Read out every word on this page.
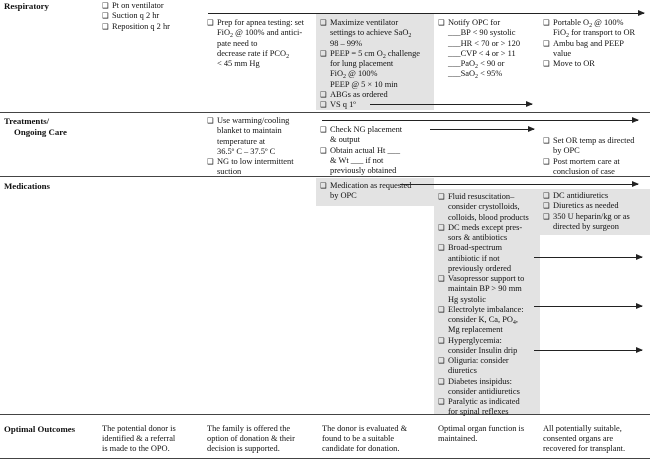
Respiratory
Treatments/
Ongoing Care
Medications
Optimal Outcomes
❑ Pt on ventilator
❑ Suction q 2 hr
❑ Reposition q 2 hr	❑ Prep for apnea testing: set
FiO$_2$ @ 100% and antici-
pate need to
decrease rate if $PCO_2$
< 45 mm Hg
❑ Maximize ventilator
settings to achieve SaO$_2$
98 – 99%
❑ PEEP = 5 cm $O_2$ challenge
for lung placement
FiO$_2$ @ 100%
PEEP @ 5 × 10 min
❑ ABGs as ordered
❑ VS q 1º
❑ Notify OPC for
___BP < 90 systolic
___HR < 70 or > 120
___CVP < 4 or > 11
___PaO$_2$ < 90 or
___SaO$_2$ < 95%
❑ Portable $O_2$ @ 100%
FiO$_2$ for transport to OR
❑ Ambu bag and PEEP
value
❑ Move to OR
❑ Use warming/cooling
blanket to maintain
temperature at
36.5º C – 37.5º C
❑ NG to low intermittent
suction
❑ Check NG placement
& output
❑ Obtain actual Ht ___
& Wt ___ if not
previously obtained
❑ Set OR temp as directed
by OPC
❑ Post mortem care at
conclusion of case
❑ Medication as requested
by OPC	❑ Fluid resuscitation–
consider crystolloids,
colloids, blood products
❑ DC meds except pres-
sors & antibiotics
❑ Broad-spectrum
antibiotic if not
previously ordered
❑ Vasopressor support to
maintain BP > 90 mm
Hg systolic
❑ Electrolyte imbalance:
consider K, Ca, $PO_4$,
Mg replacement
❑ Hyperglycemia:
consider Insulin drip
❑ Oliguria: consider
diuretics
❑ Diabetes insipidus:
consider antidiuretics
❑ Paralytic as indicated
for spinal reflexes
❑ DC antidiuretics
❑ Diuretics as needed
❑ 350 U heparin/kg or as
directed by surgeon
The potential donor is
identified & a referral
is made to the OPO.
The family is offered the
option of donation & their
decision is supported.
The donor is evaluated &
found to be a suitable
candidate for donation.
Optimal organ function is
maintained.
All potentially suitable,
consented organs are
recovered for transplant.
